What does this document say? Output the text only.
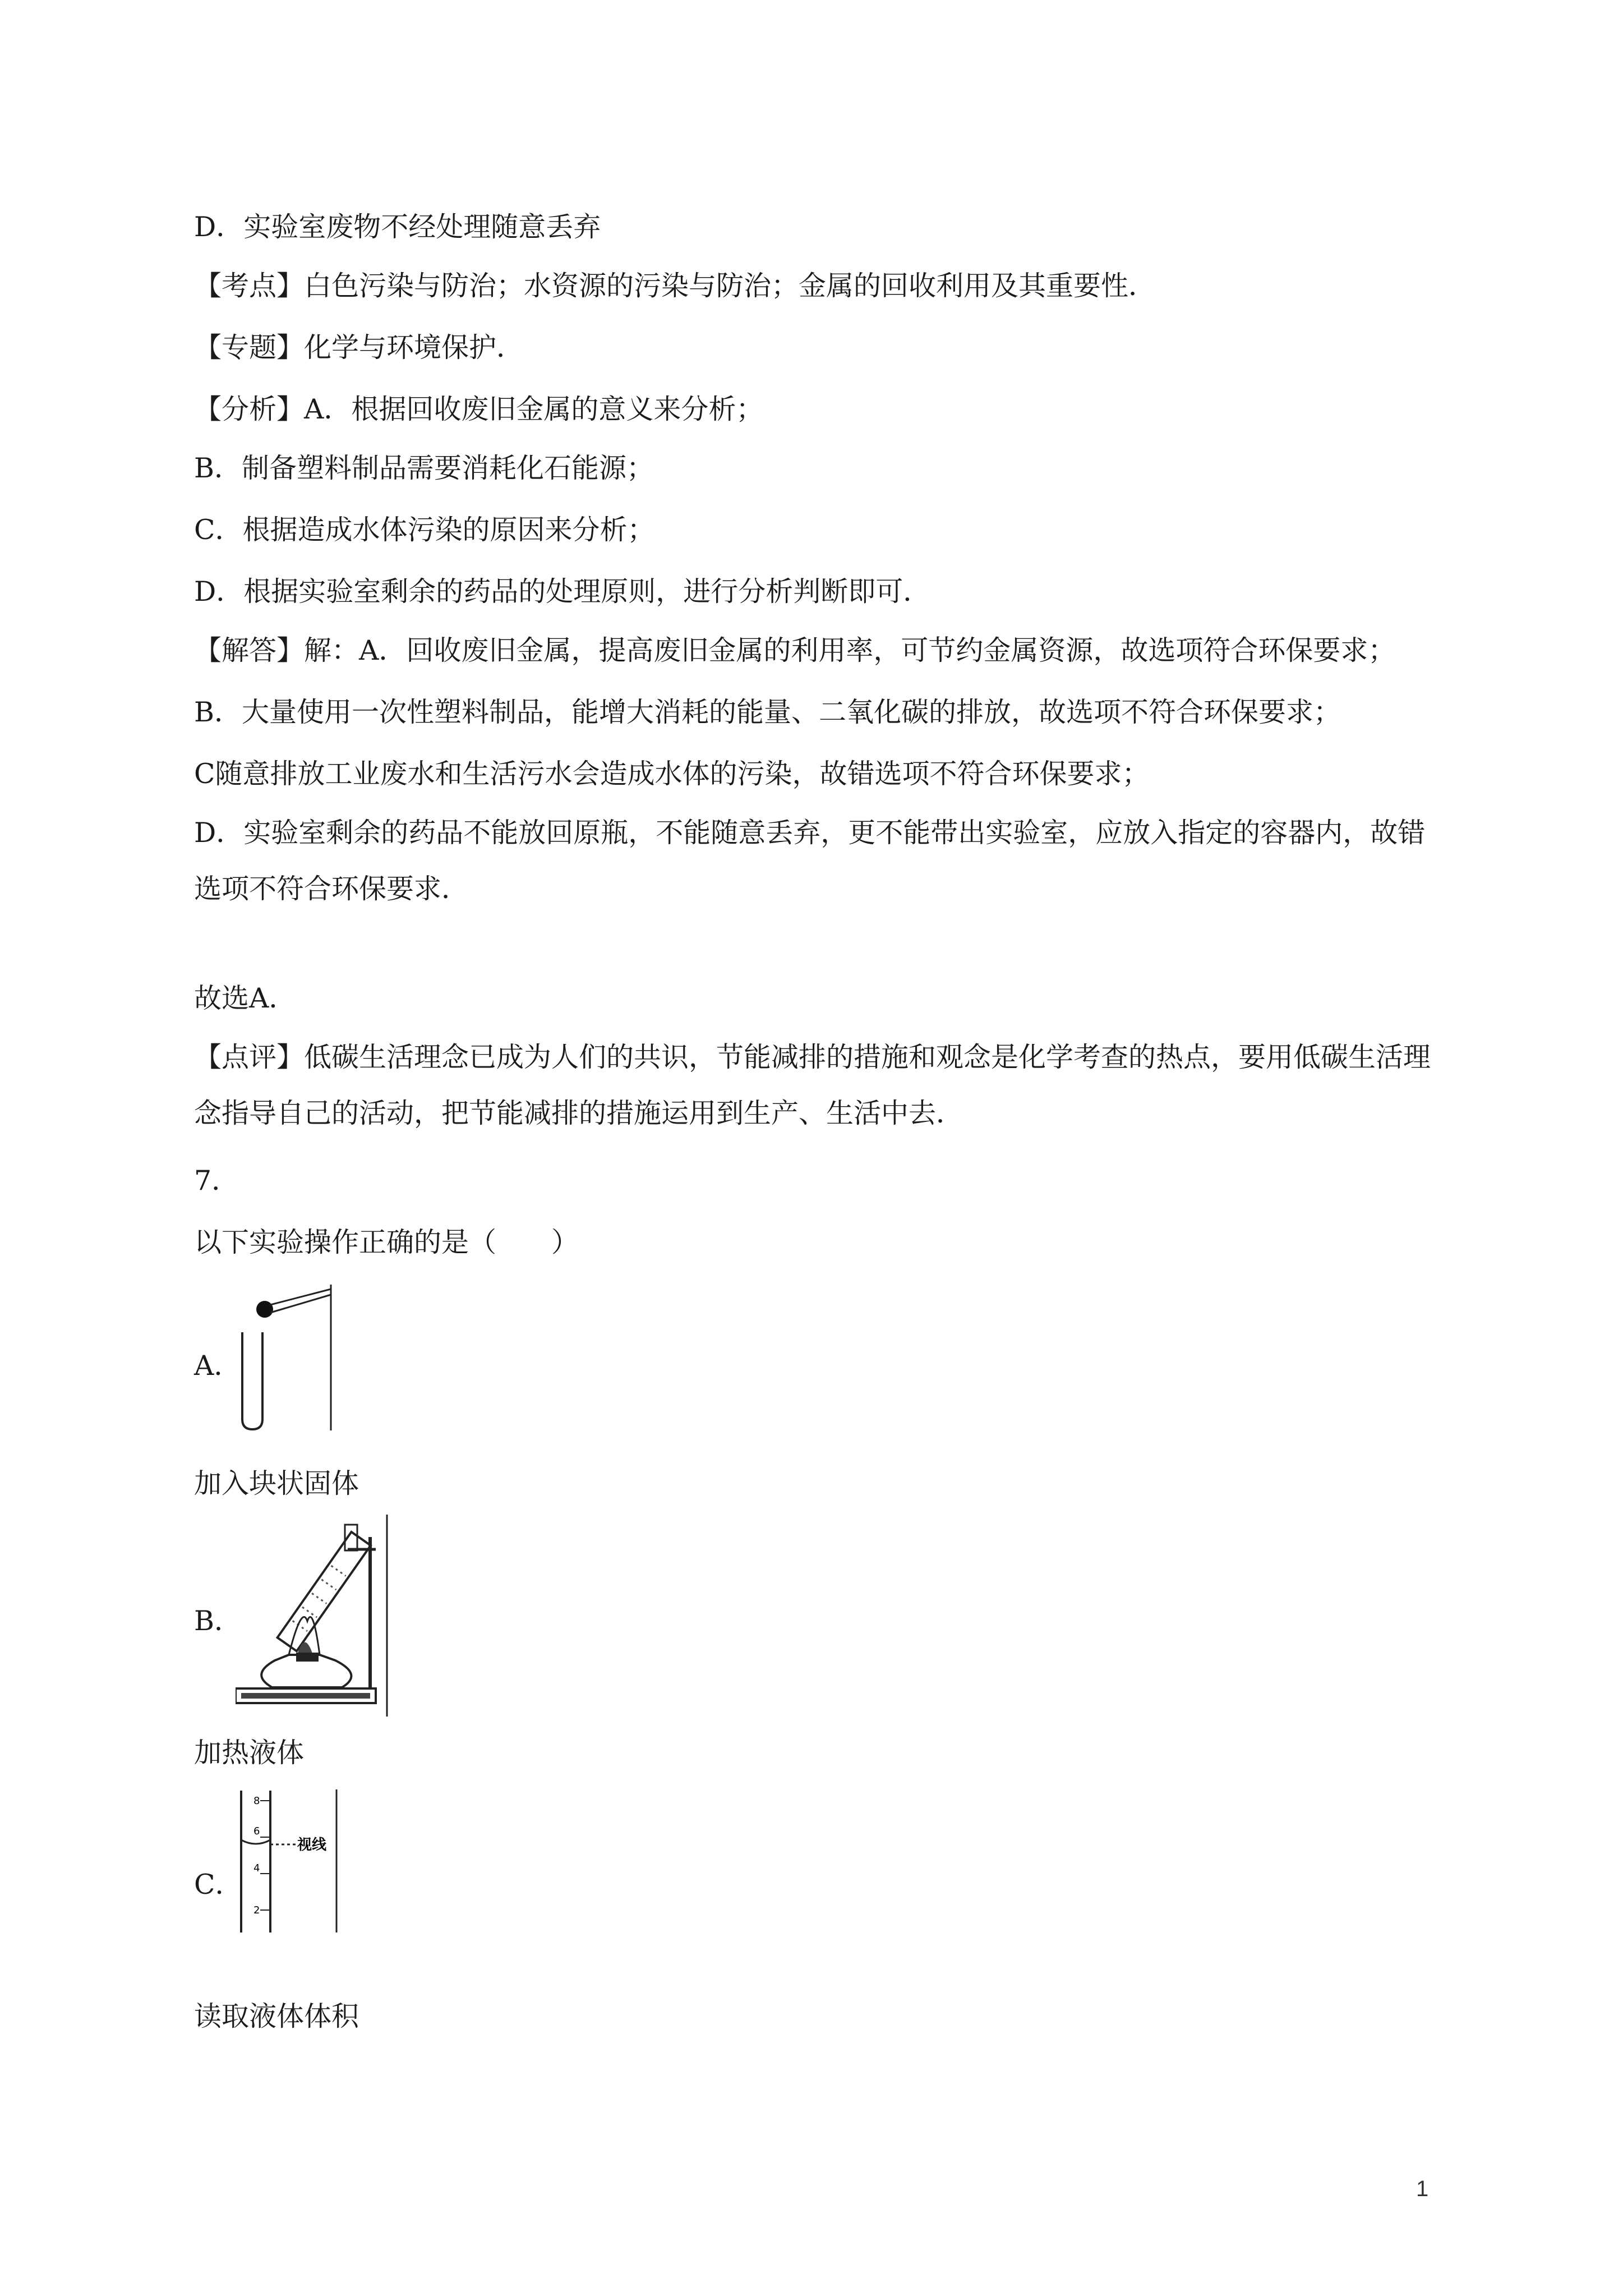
D．实验室废物不经处理随意丢弃
【考点】白色污染与防治；水资源的污染与防治；金属的回收利用及其重要性．
【专题】化学与环境保护．
【分析】A．根据回收废旧金属的意义来分析；
B．制备塑料制品需要消耗化石能源；
C．根据造成水体污染的原因来分析；
D．根据实验室剩余的药品的处理原则，进行分析判断即可．
【解答】解：A．回收废旧金属，提高废旧金属的利用率，可节约金属资源，故选项符合环保要求；
B．大量使用一次性塑料制品，能增大消耗的能量、二氧化碳的排放，故选项不符合环保要求；
C随意排放工业废水和生活污水会造成水体的污染，故错选项不符合环保要求；
D．实验室剩余的药品不能放回原瓶，不能随意丢弃，更不能带出实验室，应放入指定的容器内，故错选项不符合环保要求．
故选A．
【点评】低碳生活理念已成为人们的共识，节能减排的措施和观念是化学考查的热点，要用低碳生活理念指导自己的活动，把节能减排的措施运用到生产、生活中去．
7．
以下实验操作正确的是（　　）
A．
加入块状固体
B．
加热液体
C．
8
6
4
2
视线
读取液体体积
1
